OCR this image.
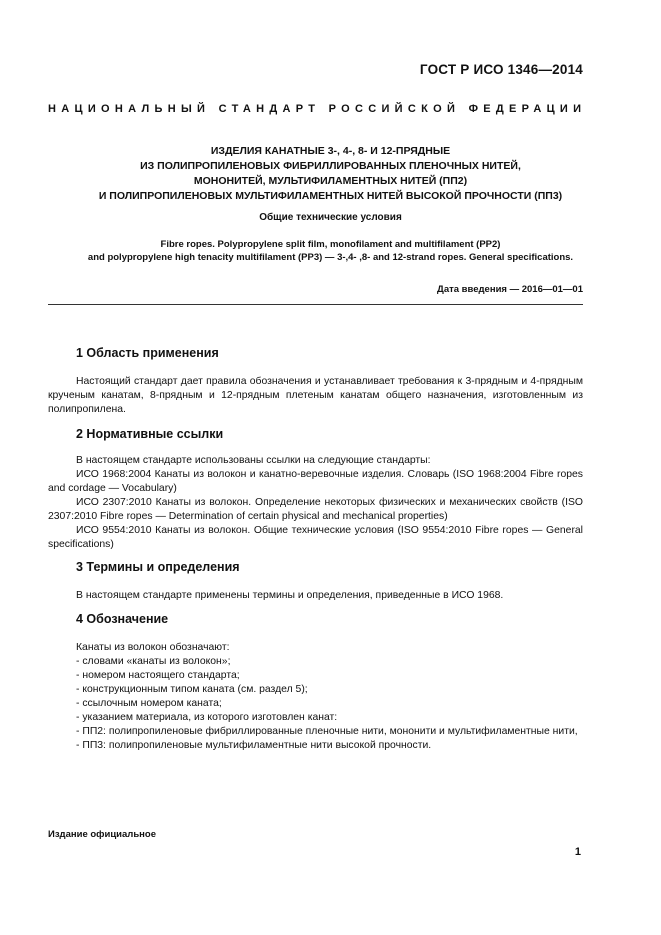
ГОСТ Р ИСО 1346—2014
НАЦИОНАЛЬНЫЙ СТАНДАРТ РОССИЙСКОЙ ФЕДЕРАЦИИ
ИЗДЕЛИЯ КАНАТНЫЕ 3-, 4-, 8- И 12-ПРЯДНЫЕ
ИЗ ПОЛИПРОПИЛЕНОВЫХ ФИБРИЛЛИРОВАННЫХ ПЛЕНОЧНЫХ НИТЕЙ,
МОНОНИТЕЙ, МУЛЬТИФИЛАМЕНТНЫХ НИТЕЙ (ПП2)
И ПОЛИПРОПИЛЕНОВЫХ МУЛЬТИФИЛАМЕНТНЫХ НИТЕЙ ВЫСОКОЙ ПРОЧНОСТИ (ПП3)
Общие технические условия
Fibre ropes. Polypropylene split film, monofilament and multifilament (PP2)
and polypropylene high tenacity multifilament (PP3) — 3-,4- ,8- and 12-strand ropes. General specifications.
Дата введения — 2016—01—01
1 Область применения

Настоящий стандарт дает правила обозначения и устанавливает требования к 3-прядным и 4-прядным крученым канатам, 8-прядным и 12-прядным плетеным канатам общего назначения, изготовленным из полипропилена.

2 Нормативные ссылки

В настоящем стандарте использованы ссылки на следующие стандарты:

ИСО 1968:2004 Канаты из волокон и канатно-веревочные изделия. Словарь (ISO 1968:2004 Fibre ropes and cordage — Vocabulary)

ИСО 2307:2010 Канаты из волокон. Определение некоторых физических и механических свойств (ISO 2307:2010 Fibre ropes — Determination of certain physical and mechanical properties)

ИСО 9554:2010 Канаты из волокон. Общие технические условия (ISO 9554:2010 Fibre ropes — General specifications)

3 Термины и определения

В настоящем стандарте применены термины и определения, приведенные в ИСО 1968.

4 Обозначение

Канаты из волокон обозначают:

- словами «канаты из волокон»;

- номером настоящего стандарта;

- конструкционным типом каната (см. раздел 5);

- ссылочным номером каната;

- указанием материала, из которого изготовлен канат:

- ПП2: полипропиленовые фибриллированные пленочные нити, мононити и мультифиламентные нити,

- ПП3: полипропиленовые мультифиламентные нити высокой прочности.

Издание официальное
1
